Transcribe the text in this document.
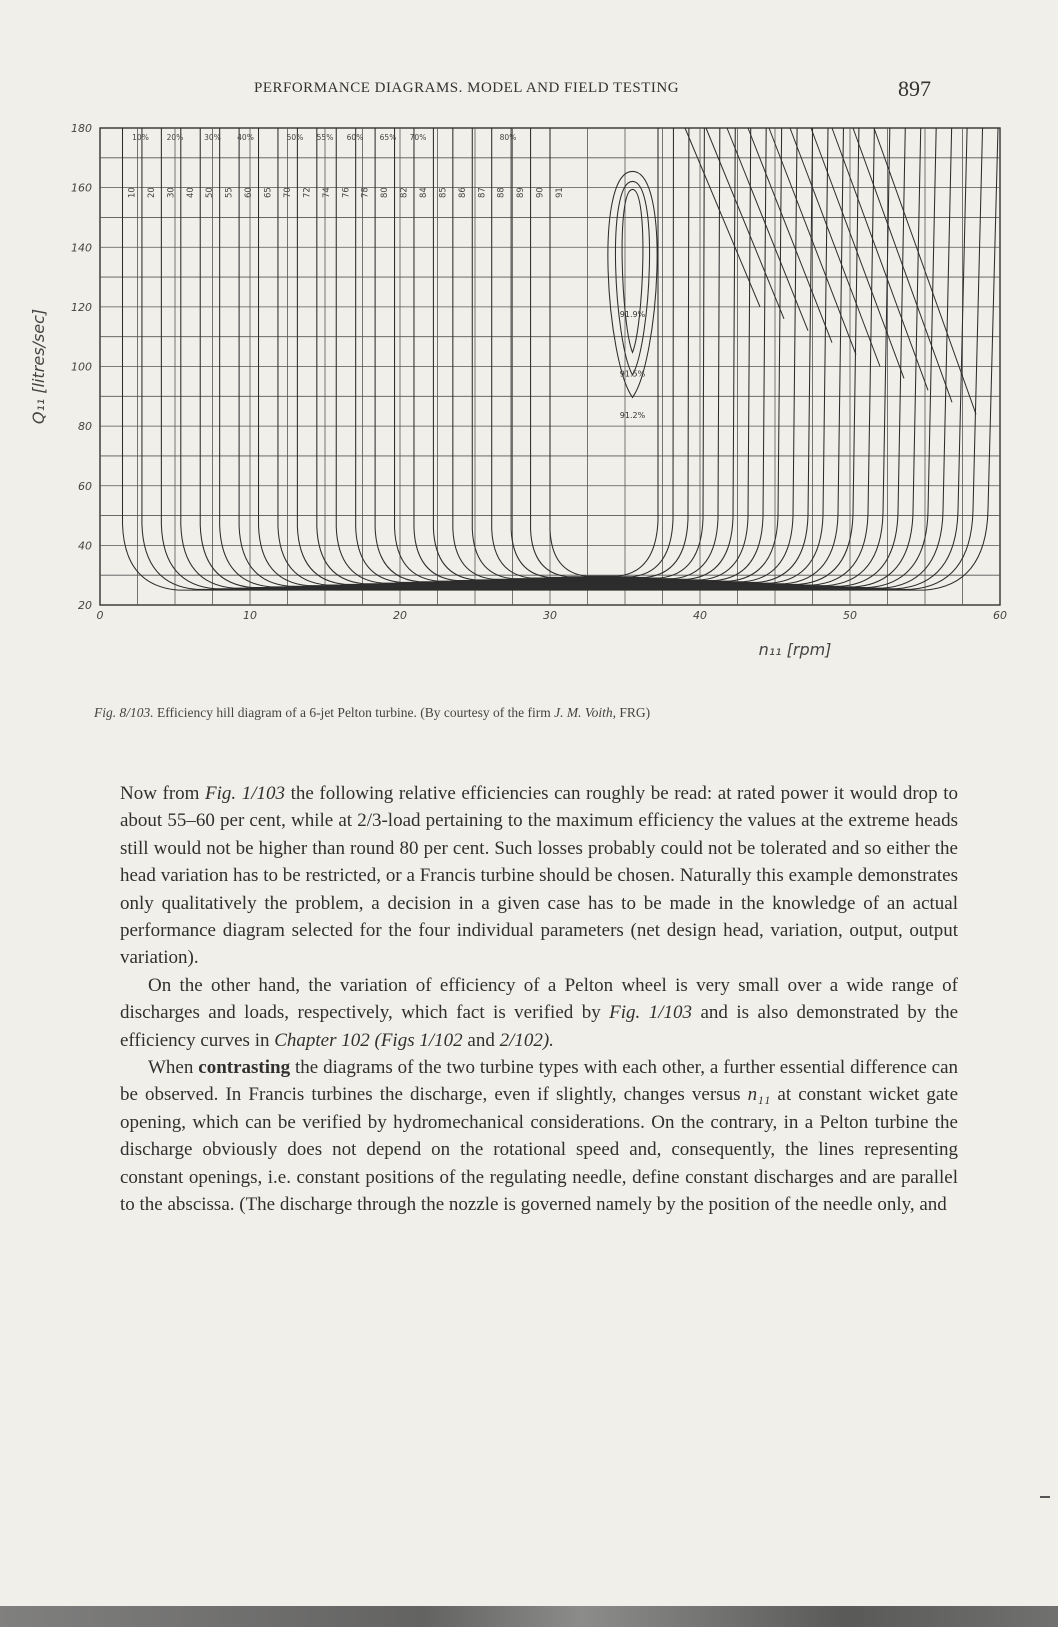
PERFORMANCE DIAGRAMS. MODEL AND FIELD TESTING	897
180
160
140
120
100
80
60
40
20
0	10	20	30	40	50	60
Q₁₁ [litres/sec]
n₁₁ [rpm]
10 20 30 40 50 55 60 65 70 72 74 76 78 80 82 84 85 86 87 88 89 90 91
91.9%
91.5%
91.2%
10% 20%	30% 40%	50% 55% 60% 65% 70%	80%
Fig. 8/103. Efficiency hill diagram of a 6-jet Pelton turbine. (By courtesy of the firm J. M. Voith, FRG)

Now from Fig. 1/103 the following relative efficiencies can roughly be read: at rated power it would drop to about 55–60 per cent, while at 2/3-load pertaining to the maximum efficiency the values at the extreme heads still would not be higher than round 80 per cent. Such losses probably could not be tolerated and so either the head variation has to be restricted, or a Francis turbine should be chosen. Naturally this example demonstrates only qualitatively the problem, a decision in a given case has to be made in the knowledge of an actual performance diagram selected for the four individual parameters (net design head, variation, output, output variation).

On the other hand, the variation of efficiency of a Pelton wheel is very small over a wide range of discharges and loads, respectively, which fact is verified by Fig. 1/103 and is also demonstrated by the efficiency curves in Chapter 102 (Figs 1/102 and 2/102).

When contrasting the diagrams of the two turbine types with each other, a further essential difference can be observed. In Francis turbines the discharge, even if slightly, changes versus n₁₁ at constant wicket gate opening, which can be verified by hydromechanical considerations. On the contrary, in a Pelton turbine the discharge obviously does not depend on the rotational speed and, consequently, the lines representing constant openings, i.e. constant positions of the regulating needle, define constant discharges and are parallel to the abscissa. (The discharge through the nozzle is governed namely by the position of the needle only, and
